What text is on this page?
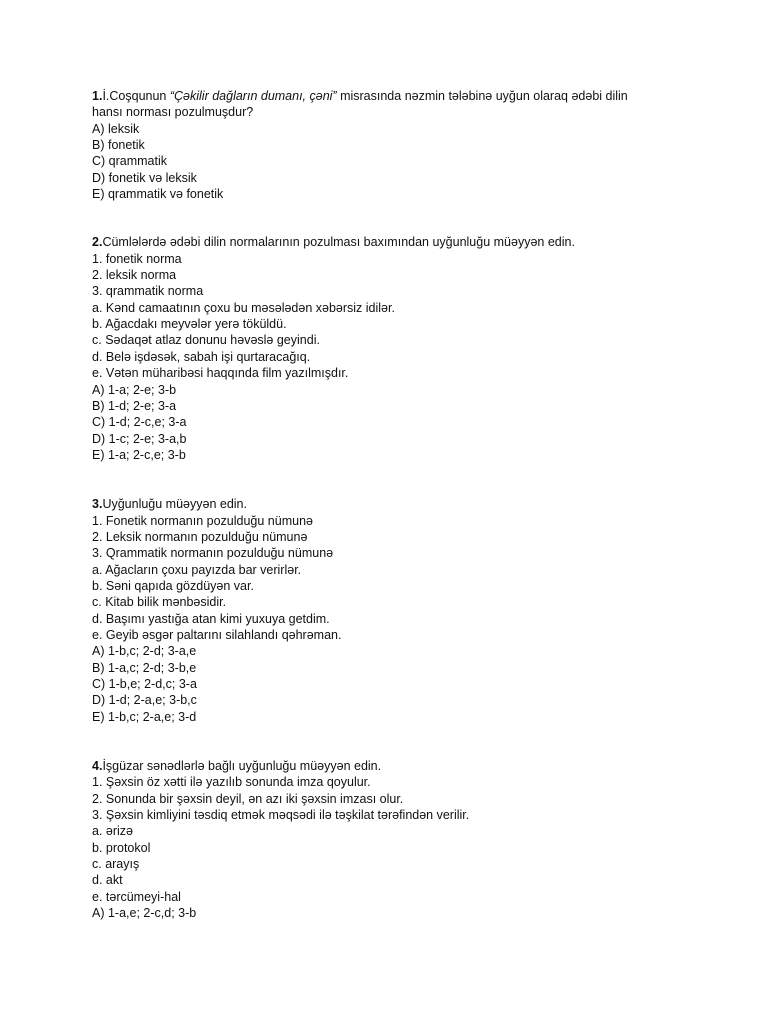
1.İ.Coşqunun “Çəkilir dağların dumanı, çəni” misrasında nəzmin tələbinə uyğun olaraq ədəbi dilin

hansı norması pozulmuşdur?

A) leksik

B) fonetik

C) qrammatik

D) fonetik və leksik

E) qrammatik və fonetik

2.Cümlələrdə ədəbi dilin normalarının pozulması baxımından uyğunluğu müəyyən edin.

1. fonetik norma

2. leksik norma

3. qrammatik norma

a. Kənd camaatının çoxu bu məsələdən xəbərsiz idilər.

b. Ağacdakı meyvələr yerə töküldü.

c. Sədaqət atlaz donunu həvəslə geyindi.

d. Belə işdəsək, sabah işi qurtaracağıq.

e. Vətən müharibəsi haqqında film yazılmışdır.

A) 1-a; 2-e; 3-b

B) 1-d; 2-e; 3-a

C) 1-d; 2-c,e; 3-a

D) 1-c; 2-e; 3-a,b

E) 1-a; 2-c,e; 3-b

3.Uyğunluğu müəyyən edin.

1. Fonetik normanın pozulduğu nümunə

2. Leksik normanın pozulduğu nümunə

3. Qrammatik normanın pozulduğu nümunə

a. Ağacların çoxu payızda bar verirlər.

b. Səni qapıda gözdüyən var.

c. Kitab bilik mənbəsidir.

d. Başımı yastığa atan kimi yuxuya getdim.

e. Geyib əsgər paltarını silahlandı qəhrəman.

A) 1-b,c; 2-d; 3-a,e

B) 1-a,c; 2-d; 3-b,e

C) 1-b,e; 2-d,c; 3-a

D) 1-d; 2-a,e; 3-b,c

E) 1-b,c; 2-a,e; 3-d

4.İşgüzar sənədlərlə bağlı uyğunluğu müəyyən edin.

1. Şəxsin öz xətti ilə yazılıb sonunda imza qoyulur.

2. Sonunda bir şəxsin deyil, ən azı iki şəxsin imzası olur.

3. Şəxsin kimliyini təsdiq etmək məqsədi ilə təşkilat tərəfindən verilir.

a. ərizə

b. protokol

c. arayış

d. akt

e. tərcümeyi-hal

A) 1-a,e; 2-c,d; 3-b
